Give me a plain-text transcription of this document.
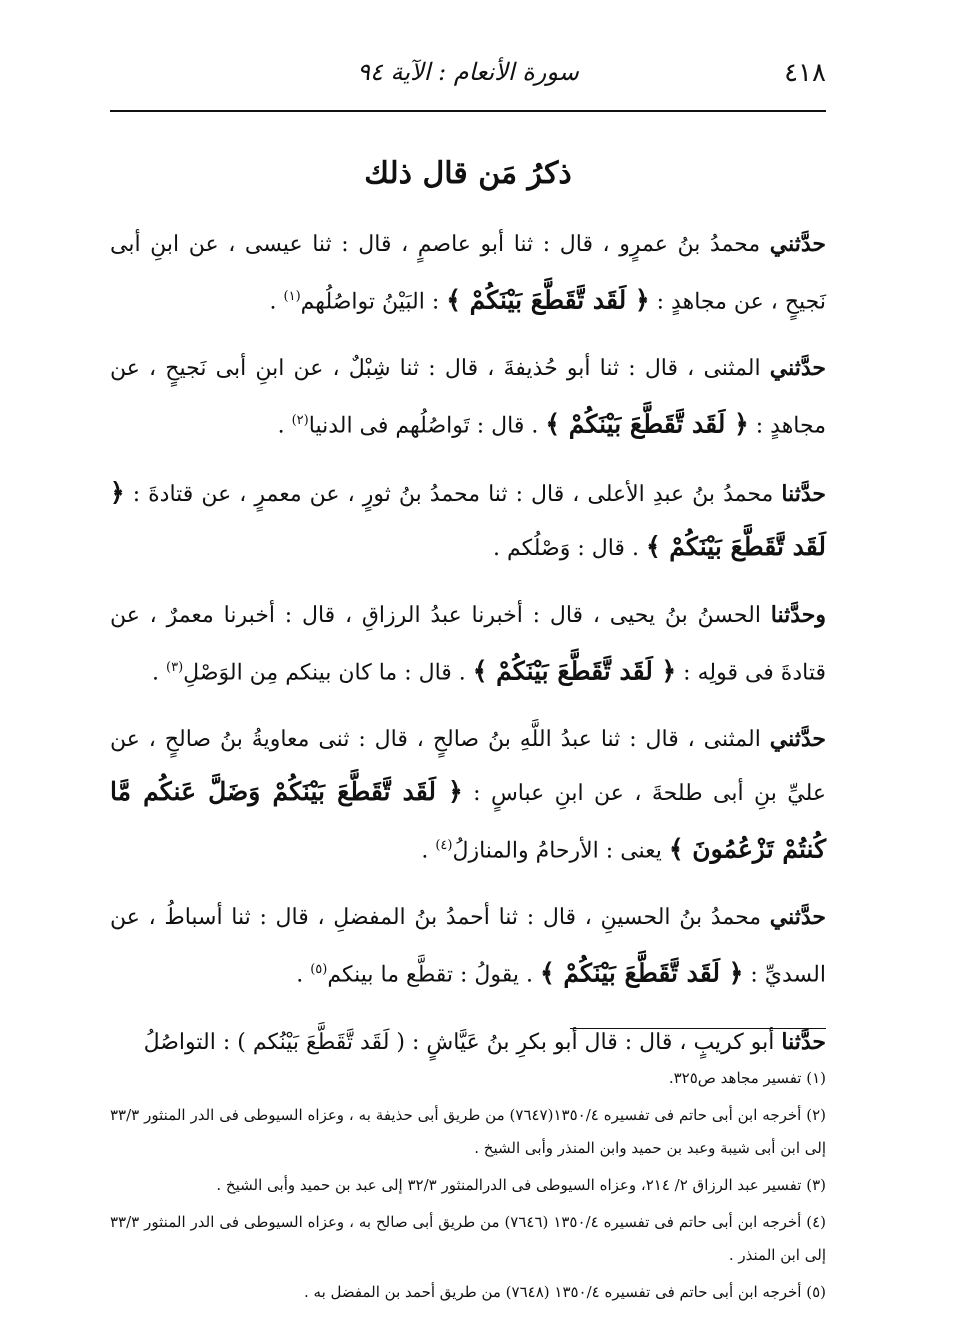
٤١٨
سورة الأنعام : الآية ٩٤
ذكرُ مَن قال ذلك

حدَّثني محمدُ بنُ عمرٍو ، قال : ثنا أبو عاصمٍ ، قال : ثنا عيسى ، عن ابنِ أبى نَجيحٍ ، عن مجاهدٍ : ﴿ لَقَد تَّقَطَّعَ بَيْنَكُمْ ﴾ : البَيْنُ تواصُلُهم$^{(١)}$ .

حدَّثني المثنى ، قال : ثنا أبو حُذيفةَ ، قال : ثنا شِبْلٌ ، عن ابنِ أبى نَجيحٍ ، عن مجاهدٍ : ﴿ لَقَد تَّقَطَّعَ بَيْنَكُمْ ﴾ . قال : تَواصُلُهم فى الدنيا$^{(٢)}$ .

حدَّثنا محمدُ بنُ عبدِ الأعلى ، قال : ثنا محمدُ بنُ ثورٍ ، عن معمرٍ ، عن قتادةَ : ﴿ لَقَد تَّقَطَّعَ بَيْنَكُمْ ﴾ . قال : وَصْلُكم .

وحدَّثنا الحسنُ بنُ يحيى ، قال : أخبرنا عبدُ الرزاقِ ، قال : أخبرنا معمرٌ ، عن قتادةَ فى قولِه : ﴿ لَقَد تَّقَطَّعَ بَيْنَكُمْ ﴾ . قال : ما كان بينكم مِن الوَصْلِ$^{(٣)}$ .

حدَّثني المثنى ، قال : ثنا عبدُ اللَّهِ بنُ صالحٍ ، قال : ثنى معاويةُ بنُ صالحٍ ، عن عليِّ بنِ أبى طلحةَ ، عن ابنِ عباسٍ : ﴿ لَقَد تَّقَطَّعَ بَيْنَكُمْ وَضَلَّ عَنكُم مَّا كُنتُمْ تَزْعُمُونَ ﴾ يعنى : الأرحامُ والمنازلُ$^{(٤)}$ .

حدَّثني محمدُ بنُ الحسينِ ، قال : ثنا أحمدُ بنُ المفضلِ ، قال : ثنا أسباطُ ، عن السديِّ : ﴿ لَقَد تَّقَطَّعَ بَيْنَكُمْ ﴾ . يقولُ : تقطَّع ما بينكم$^{(٥)}$ .

حدَّثنا أبو كريبٍ ، قال : قال أبو بكرِ بنُ عَيَّاشٍ : ( لَقَد تَّقَطَّعَ بَيْنُكم ) : التواصُلُ

(١) تفسير مجاهد ص٣٢٥.

(٢) أخرجه ابن أبى حاتم فى تفسيره ١٣٥٠/٤(٧٦٤٧) من طريق أبى حذيفة به ، وعزاه السيوطى فى الدر المنثور ٣٣/٣ إلى ابن أبى شيبة وعبد بن حميد وابن المنذر وأبى الشيخ .

(٣) تفسير عبد الرزاق ٢/ ٢١٤، وعزاه السيوطى فى الدرالمنثور ٣٢/٣ إلى عبد بن حميد وأبى الشيخ .

(٤) أخرجه ابن أبى حاتم فى تفسيره ١٣٥٠/٤ (٧٦٤٦) من طريق أبى صالح به ، وعزاه السيوطى فى الدر المنثور ٣٣/٣ إلى ابن المنذر .

(٥) أخرجه ابن أبى حاتم فى تفسيره ١٣٥٠/٤ (٧٦٤٨) من طريق أحمد بن المفضل به .
